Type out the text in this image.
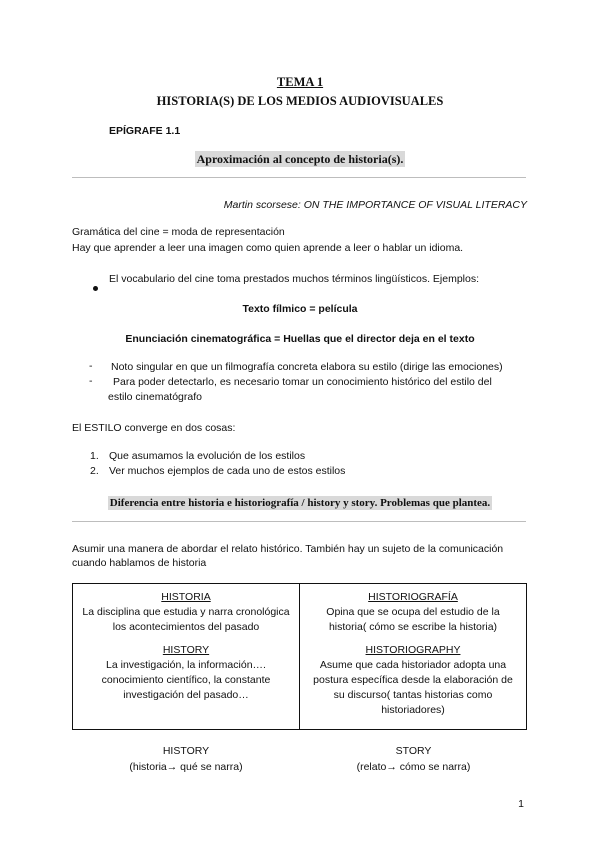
TEMA 1
HISTORIA(S) DE LOS MEDIOS AUDIOVISUALES
EPÍGRAFE 1.1
Aproximación al concepto de historia(s).
Martin scorsese: ON THE IMPORTANCE OF VISUAL LITERACY
Gramática del cine = moda de representación
Hay que aprender a leer una imagen como quien aprende a leer o hablar un idioma.
El vocabulario del cine toma prestados muchos términos lingüísticos. Ejemplos:
Texto fílmico = película
Enunciación cinematográfica = Huellas que el director deja en el texto
- Noto singular en que un filmografía concreta elabora su estilo (dirige las emociones)
- Para poder detectarlo, es necesario tomar un conocimiento histórico del estilo del
estilo cinematógrafo
El ESTILO converge en dos cosas:
1. Que asumamos la evolución de los estilos
2. Ver muchos ejemplos de cada uno de estos estilos
Diferencia entre historia e historiografía / history y story. Problemas que plantea.
Asumir una manera de abordar el relato histórico. También hay un sujeto de la comunicación
cuando hablamos de historia
HISTORIA
La disciplina que estudia y narra cronológica
los acontecimientos del pasado
HISTORY
La investigación, la información….
conocimiento científico, la constante
investigación del pasado…

HISTORIOGRAFÍA
Opina que se ocupa del estudio de la
historia( cómo se escribe la historia)
HISTORIOGRAPHY
Asume que cada historiador adopta una
postura específica desde la elaboración de
su discurso( tantas historias como
historiadores)
HISTORY
(historia→ qué se narra)
STORY
(relato→ cómo se narra)
1
